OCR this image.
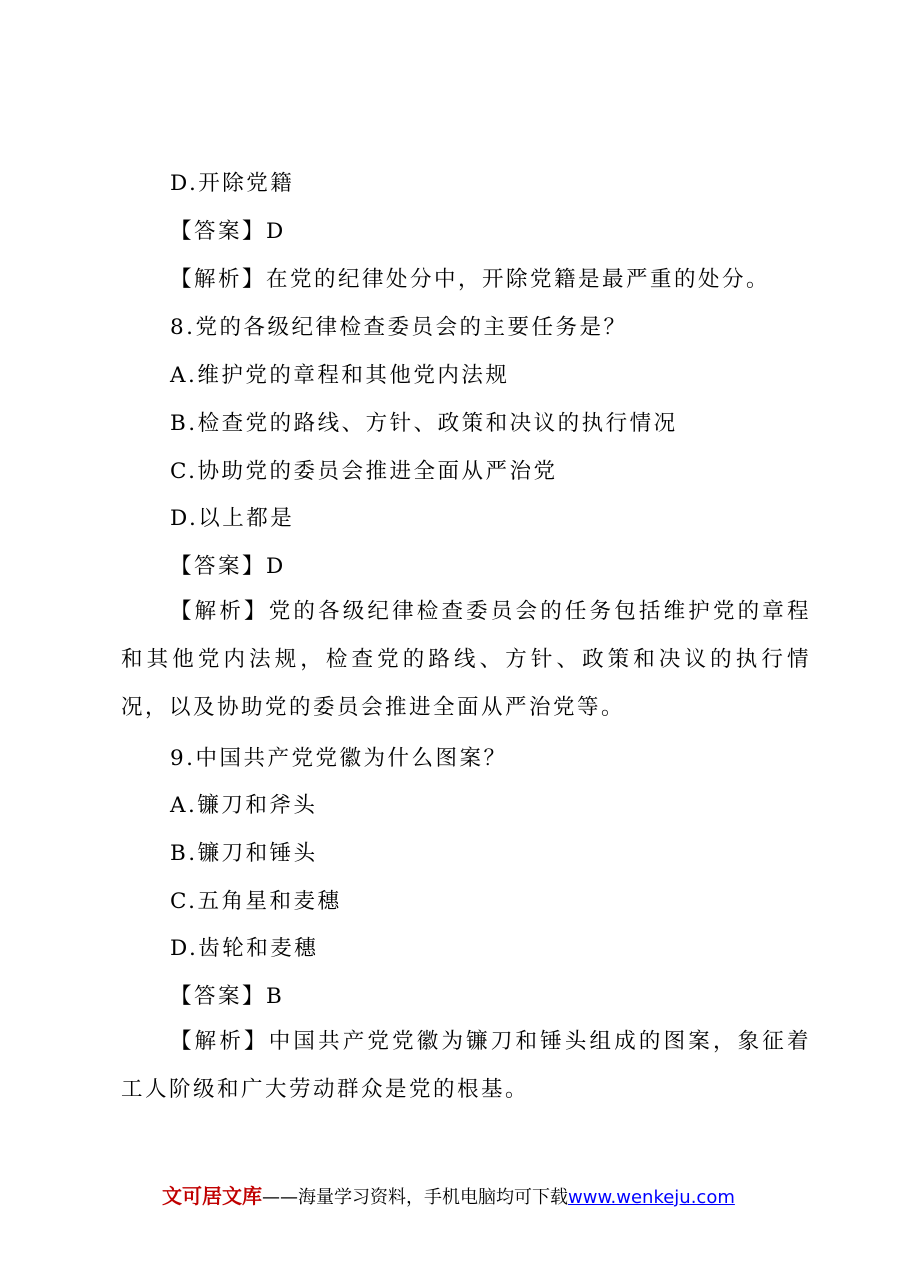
D.开除党籍
【答案】D
【解析】在党的纪律处分中，开除党籍是最严重的处分。
8.党的各级纪律检查委员会的主要任务是？
A.维护党的章程和其他党内法规
B.检查党的路线、方针、政策和决议的执行情况
C.协助党的委员会推进全面从严治党
D.以上都是
【答案】D
【解析】党的各级纪律检查委员会的任务包括维护党的章程和其他党内法规，检查党的路线、方针、政策和决议的执行情况，以及协助党的委员会推进全面从严治党等。
9.中国共产党党徽为什么图案？
A.镰刀和斧头
B.镰刀和锤头
C.五角星和麦穗
D.齿轮和麦穗
【答案】B
【解析】中国共产党党徽为镰刀和锤头组成的图案，象征着工人阶级和广大劳动群众是党的根基。
文可居文库——海量学习资料，手机电脑均可下载www.wenkeju.com
